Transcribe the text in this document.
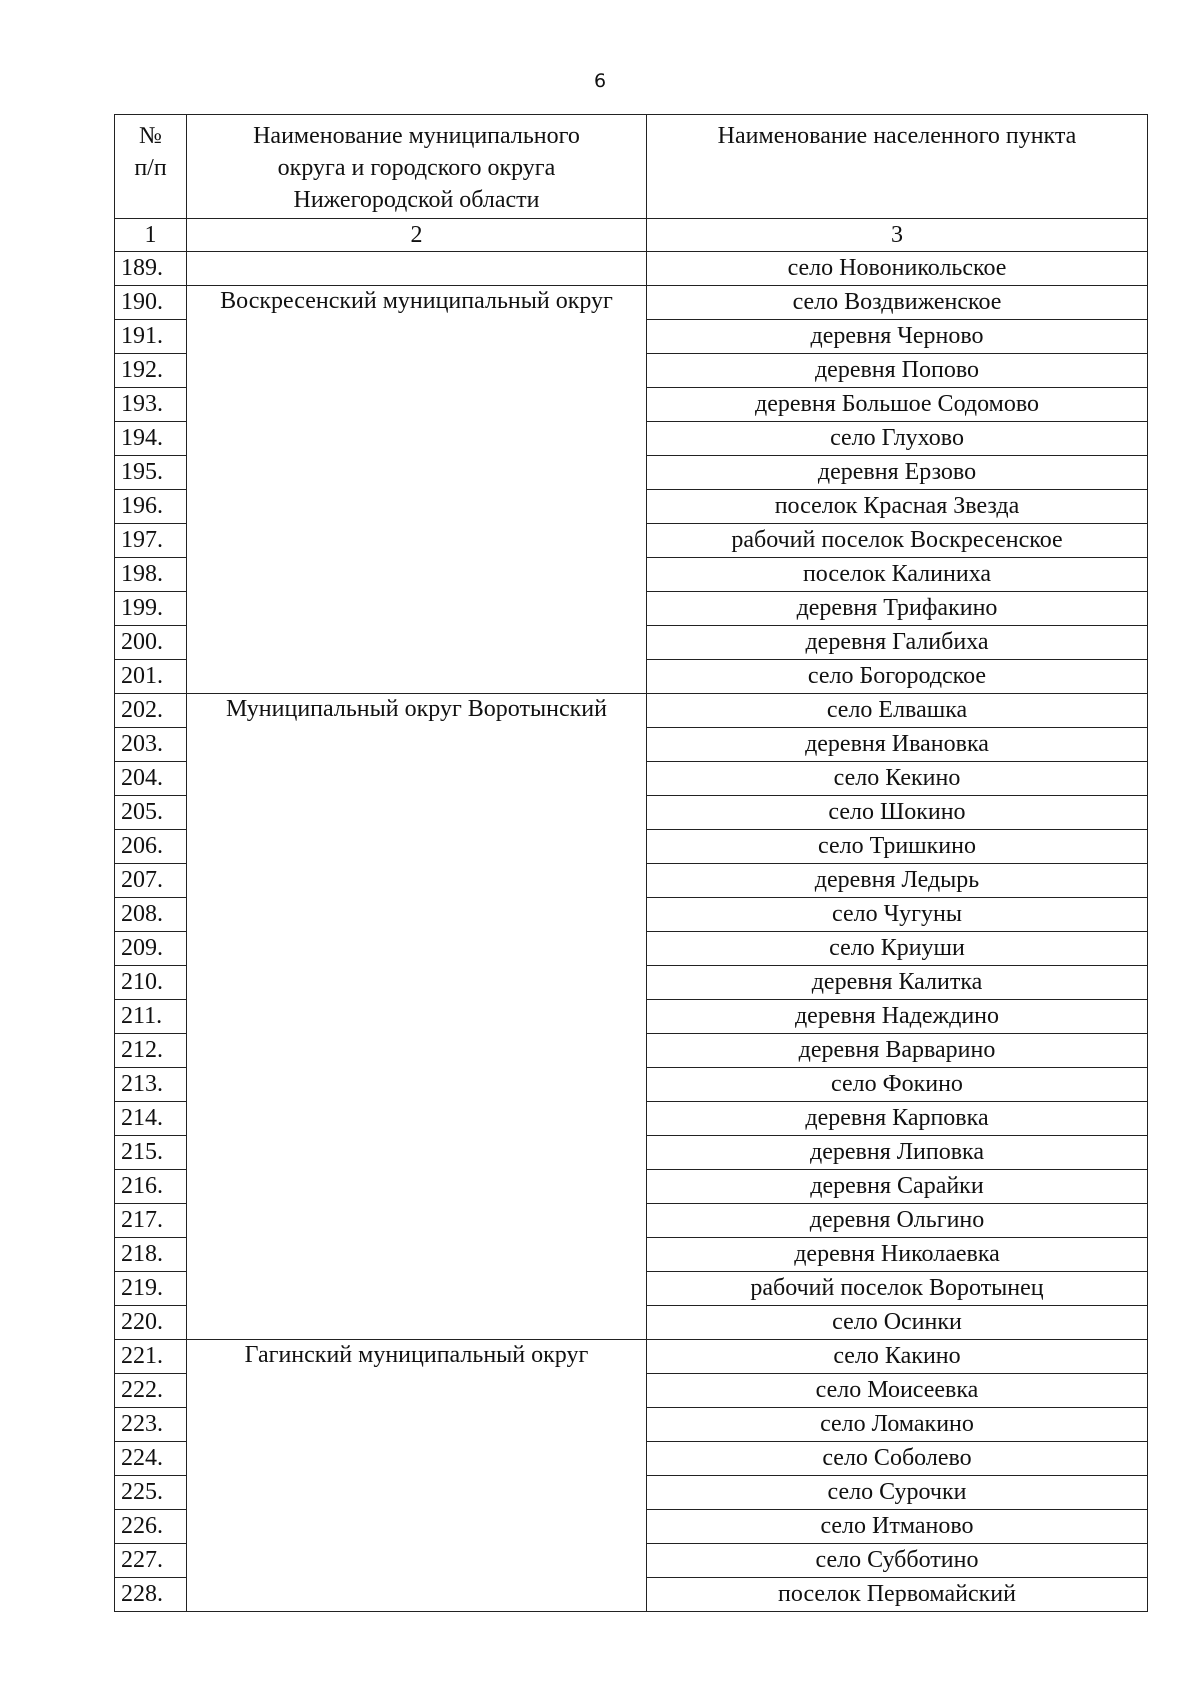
6
№
п/п	Наименование муниципального округа и городского округа Нижегородской области	Наименование населенного пункта
1	2	3
189.		село Новоникольское
190.	Воскресенский муниципальный округ	село Воздвиженское
191.		деревня Черново
192.		деревня Попово
193.		деревня Большое Содомово
194.		село Глухово
195.		деревня Ерзово
196.		поселок Красная Звезда
197.		рабочий поселок Воскресенское
198.		поселок Калиниха
199.		деревня Трифакино
200.		деревня Галибиха
201.		село Богородское
202.	Муниципальный округ Воротынский	село Елвашка
203.		деревня Ивановка
204.		село Кекино
205.		село Шокино
206.		село Тришкино
207.		деревня Ледырь
208.		село Чугуны
209.		село Криуши
210.		деревня Калитка
211.		деревня Надеждино
212.		деревня Варварино
213.		село Фокино
214.		деревня Карповка
215.		деревня Липовка
216.		деревня Сарайки
217.		деревня Ольгино
218.		деревня Николаевка
219.		рабочий поселок Воротынец
220.		село Осинки
221.	Гагинский муниципальный округ	село Какино
222.		село Моисеевка
223.		село Ломакино
224.		село Соболево
225.		село Сурочки
226.		село Итманово
227.		село Субботино
228.		поселок Первомайский
